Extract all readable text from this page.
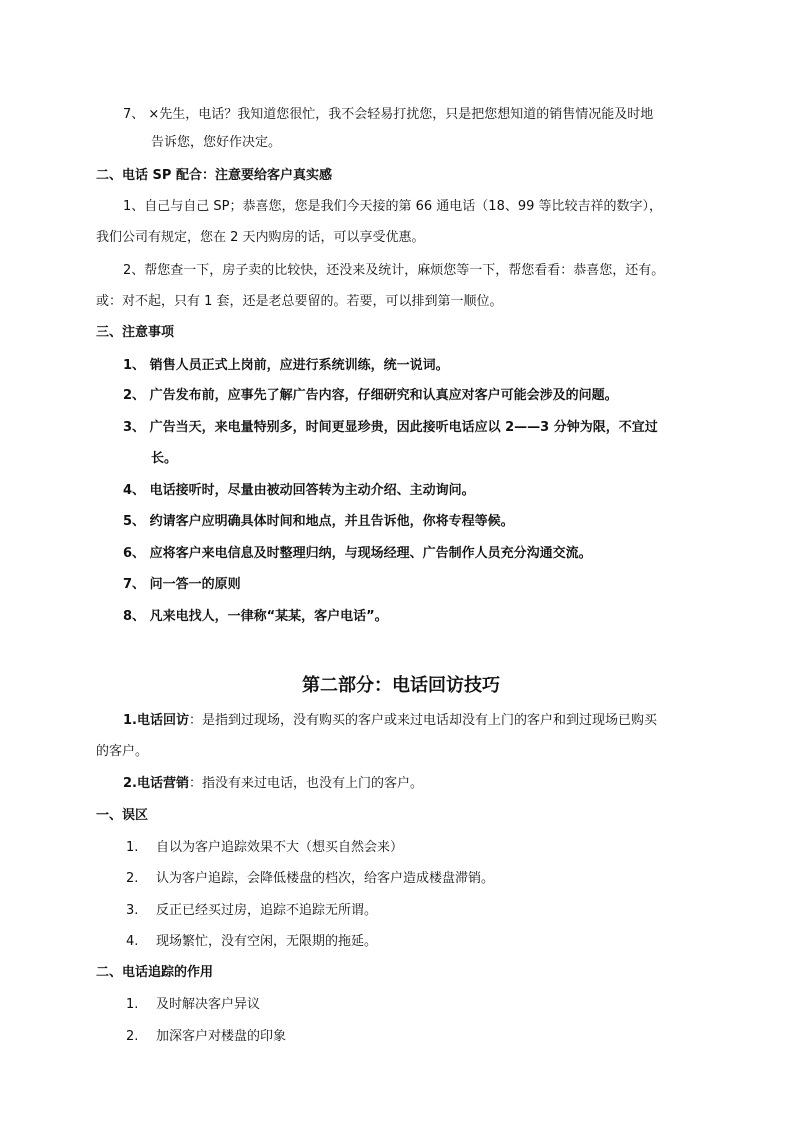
7、 ×先生，电话？我知道您很忙，我不会轻易打扰您，只是把您想知道的销售情况能及时地
告诉您，您好作决定。
二、电话 SP 配合：注意要给客户真实感
1、自己与自己 SP；恭喜您，您是我们今天接的第 66 通电话（18、99 等比较吉祥的数字），
我们公司有规定，您在 2 天内购房的话，可以享受优惠。
2、帮您查一下，房子卖的比较快，还没来及统计，麻烦您等一下，帮您看看：恭喜您，还有。
或：对不起，只有 1 套，还是老总要留的。若要，可以排到第一顺位。
三、注意事项
1、 销售人员正式上岗前，应进行系统训练，统一说词。
2、 广告发布前，应事先了解广告内容，仔细研究和认真应对客户可能会涉及的问题。
3、 广告当天，来电量特别多，时间更显珍贵，因此接听电话应以 2——3 分钟为限，不宜过
长。
4、 电话接听时，尽量由被动回答转为主动介绍、主动询问。
5、 约请客户应明确具体时间和地点，并且告诉他，你将专程等候。
6、 应将客户来电信息及时整理归纳，与现场经理、广告制作人员充分沟通交流。
7、 问一答一的原则
8、 凡来电找人，一律称“某某，客户电话”。
第二部分：电话回访技巧
1.电话回访：是指到过现场，没有购买的客户或来过电话却没有上门的客户和到过现场已购买
的客户。
2.电话营销：指没有来过电话，也没有上门的客户。
一、误区
1. 自以为客户追踪效果不大（想买自然会来）
2. 认为客户追踪，会降低楼盘的档次，给客户造成楼盘滞销。
3. 反正已经买过房，追踪不追踪无所谓。
4. 现场繁忙，没有空闲，无限期的拖延。
二、电话追踪的作用
1. 及时解决客户异议
2. 加深客户对楼盘的印象
